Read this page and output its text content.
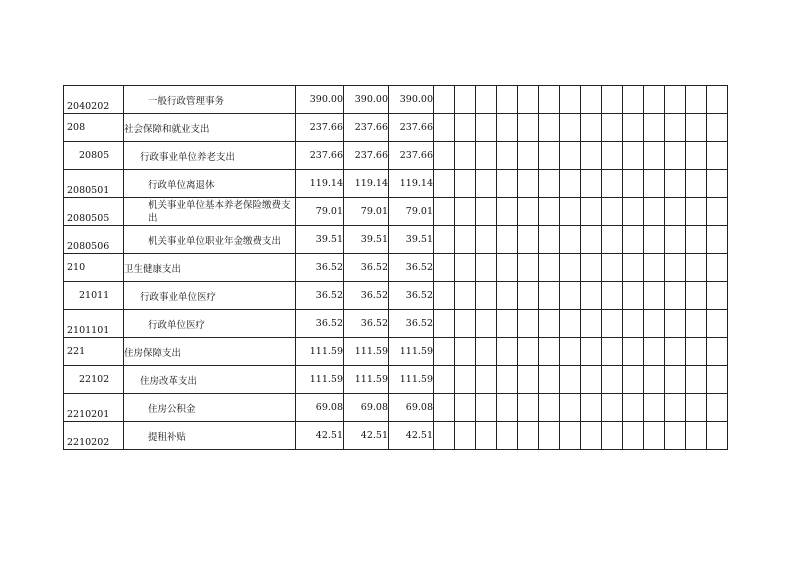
2040202	一般行政管理事务	390.00	390.00	390.00														
208	社会保障和就业支出	237.66	237.66	237.66														
20805	行政事业单位养老支出	237.66	237.66	237.66														
2080501	行政单位离退休	119.14	119.14	119.14														
2080505	机关事业单位基本养老保险缴费支出	79.01	79.01	79.01														
2080506	机关事业单位职业年金缴费支出	39.51	39.51	39.51														
210	卫生健康支出	36.52	36.52	36.52														
21011	行政事业单位医疗	36.52	36.52	36.52														
2101101	行政单位医疗	36.52	36.52	36.52														
221	住房保障支出	111.59	111.59	111.59														
22102	住房改革支出	111.59	111.59	111.59														
2210201	住房公积金	69.08	69.08	69.08														
2210202	提租补贴	42.51	42.51	42.51														
